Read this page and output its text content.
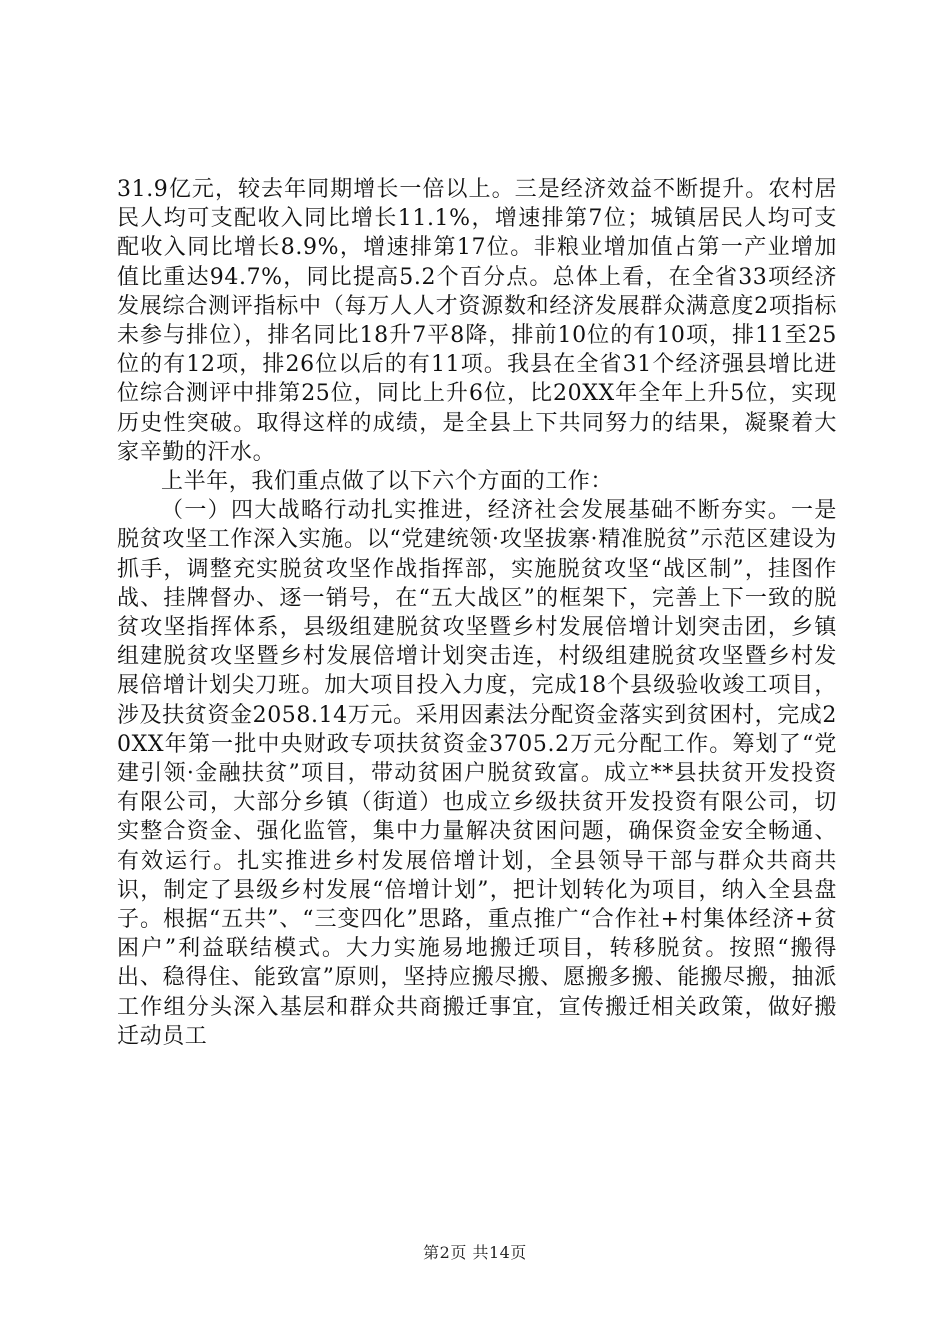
31.9亿元，较去年同期增长一倍以上。三是经济效益不断提升。农村居民人均可支配收入同比增长11.1%，增速排第7位；城镇居民人均可支配收入同比增长8.9%，增速排第17位。非粮业增加值占第一产业增加值比重达94.7%，同比提高5.2个百分点。总体上看，在全省33项经济发展综合测评指标中（每万人人才资源数和经济发展群众满意度2项指标未参与排位），排名同比18升7平8降，排前10位的有10项，排11至25位的有12项，排26位以后的有11项。我县在全省31个经济强县增比进位综合测评中排第25位，同比上升6位，比20XX年全年上升5位，实现历史性突破。取得这样的成绩，是全县上下共同努力的结果，凝聚着大家辛勤的汗水。

上半年，我们重点做了以下六个方面的工作：

（一）四大战略行动扎实推进，经济社会发展基础不断夯实。一是脱贫攻坚工作深入实施。以“党建统领·攻坚拔寨·精准脱贫”示范区建设为抓手，调整充实脱贫攻坚作战指挥部，实施脱贫攻坚“战区制”，挂图作战、挂牌督办、逐一销号，在“五大战区”的框架下，完善上下一致的脱贫攻坚指挥体系，县级组建脱贫攻坚暨乡村发展倍增计划突击团，乡镇组建脱贫攻坚暨乡村发展倍增计划突击连，村级组建脱贫攻坚暨乡村发展倍增计划尖刀班。加大项目投入力度，完成18个县级验收竣工项目，涉及扶贫资金2058.14万元。采用因素法分配资金落实到贫困村，完成20XX年第一批中央财政专项扶贫资金3705.2万元分配工作。筹划了“党建引领·金融扶贫”项目，带动贫困户脱贫致富。成立**县扶贫开发投资有限公司，大部分乡镇（街道）也成立乡级扶贫开发投资有限公司，切实整合资金、强化监管，集中力量解决贫困问题，确保资金安全畅通、有效运行。扎实推进乡村发展倍增计划，全县领导干部与群众共商共识，制定了县级乡村发展“倍增计划”，把计划转化为项目，纳入全县盘子。根据“五共”、“三变四化”思路，重点推广“合作社+村集体经济+贫困户”利益联结模式。大力实施易地搬迁项目，转移脱贫。按照“搬得出、稳得住、能致富”原则，坚持应搬尽搬、愿搬多搬、能搬尽搬，抽派工作组分头深入基层和群众共商搬迁事宜，宣传搬迁相关政策，做好搬迁动员工

第2页 共14页
